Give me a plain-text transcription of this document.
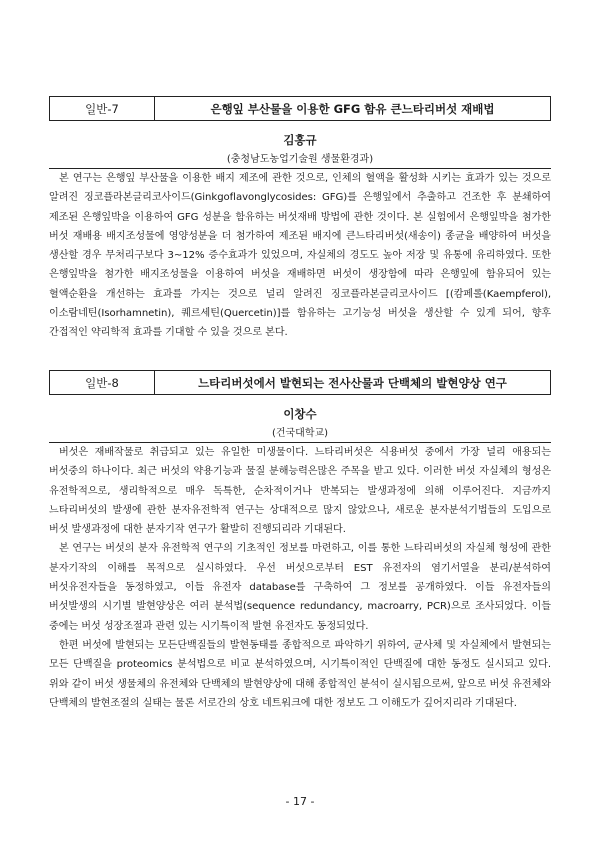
일반-7	은행잎 부산물을 이용한 GFG 함유 큰느타리버섯 재배법
김홍규
(충청남도농업기술원 생물환경과)

본 연구는 은행잎 부산물을 이용한 배지 제조에 관한 것으로, 인체의 혈액을 활성화 시키는 효과가 있는 것으로 알려진 징코플라본글리코사이드(Ginkgoflavonglycosides: GFG)를 은행잎에서 추출하고 건조한 후 분쇄하여 제조된 은행잎박을 이용하여 GFG 성분을 함유하는 버섯재배 방법에 관한 것이다. 본 실험에서 은행잎박을 첨가한 버섯 재배용 배지조성물에 영양성분을 더 첨가하여 제조된 배지에 큰느타리버섯(새송이) 종균을 배양하여 버섯을 생산할 경우 무처리구보다 3~12% 증수효과가 있었으며, 자실체의 경도도 높아 저장 및 유통에 유리하였다. 또한 은행잎박을 첨가한 배지조성물을 이용하여 버섯을 재배하면 버섯이 생장함에 따라 은행잎에 함유되어 있는 혈액순환을 개선하는 효과를 가지는 것으로 널리 알려진 징코플라본글리코사이드 [(캄페롤(Kaempferol), 이소람네틴(Isorhamnetin), 퀘르세틴(Quercetin)]를 함유하는 고기능성 버섯을 생산할 수 있게 되어, 향후 간접적인 약리학적 효과를 기대할 수 있을 것으로 본다.

일반-8	느타리버섯에서 발현되는 전사산물과 단백체의 발현양상 연구
이창수
(건국대학교)

버섯은 재배작물로 취급되고 있는 유일한 미생물이다. 느타리버섯은 식용버섯 중에서 가장 널리 애용되는 버섯중의 하나이다. 최근 버섯의 약용기능과 물질 분해능력은많은 주목을 받고 있다. 이러한 버섯 자실체의 형성은 유전학적으로, 생리학적으로 매우 독특한, 순차적이거나 반복되는 발생과정에 의해 이루어진다. 지금까지 느타리버섯의 발생에 관한 분자유전학적 연구는 상대적으로 많지 않았으나, 새로운 분자분석기법들의 도입으로 버섯 발생과정에 대한 분자기작 연구가 활발히 진행되리라 기대된다.

본 연구는 버섯의 분자 유전학적 연구의 기초적인 정보를 마련하고, 이를 통한 느타리버섯의 자실체 형성에 관한 분자기작의 이해를 목적으로 실시하였다. 우선 버섯으로부터 EST 유전자의 염기서열을 분리/분석하여 버섯유전자들을 동정하였고, 이들 유전자 database를 구축하여 그 정보를 공개하였다. 이들 유전자들의 버섯발생의 시기별 발현양상은 여러 분석법(sequence redundancy, macroarry, PCR)으로 조사되었다. 이들 중에는 버섯 성장조절과 관련 있는 시기특이적 발현 유전자도 동정되었다.

한편 버섯에 발현되는 모든단백질들의 발현동태를 종합적으로 파악하기 위하여, 균사체 및 자실체에서 발현되는 모든 단백질을 proteomics 분석법으로 비교 분석하였으며, 시기특이적인 단백질에 대한 동정도 실시되고 있다. 위와 같이 버섯 생물체의 유전체와 단백체의 발현양상에 대해 종합적인 분석이 실시됨으로써, 앞으로 버섯 유전체와 단백체의 발현조절의 실태는 물론 서로간의 상호 네트워크에 대한 정보도 그 이해도가 깊어지리라 기대된다.

- 17 -
